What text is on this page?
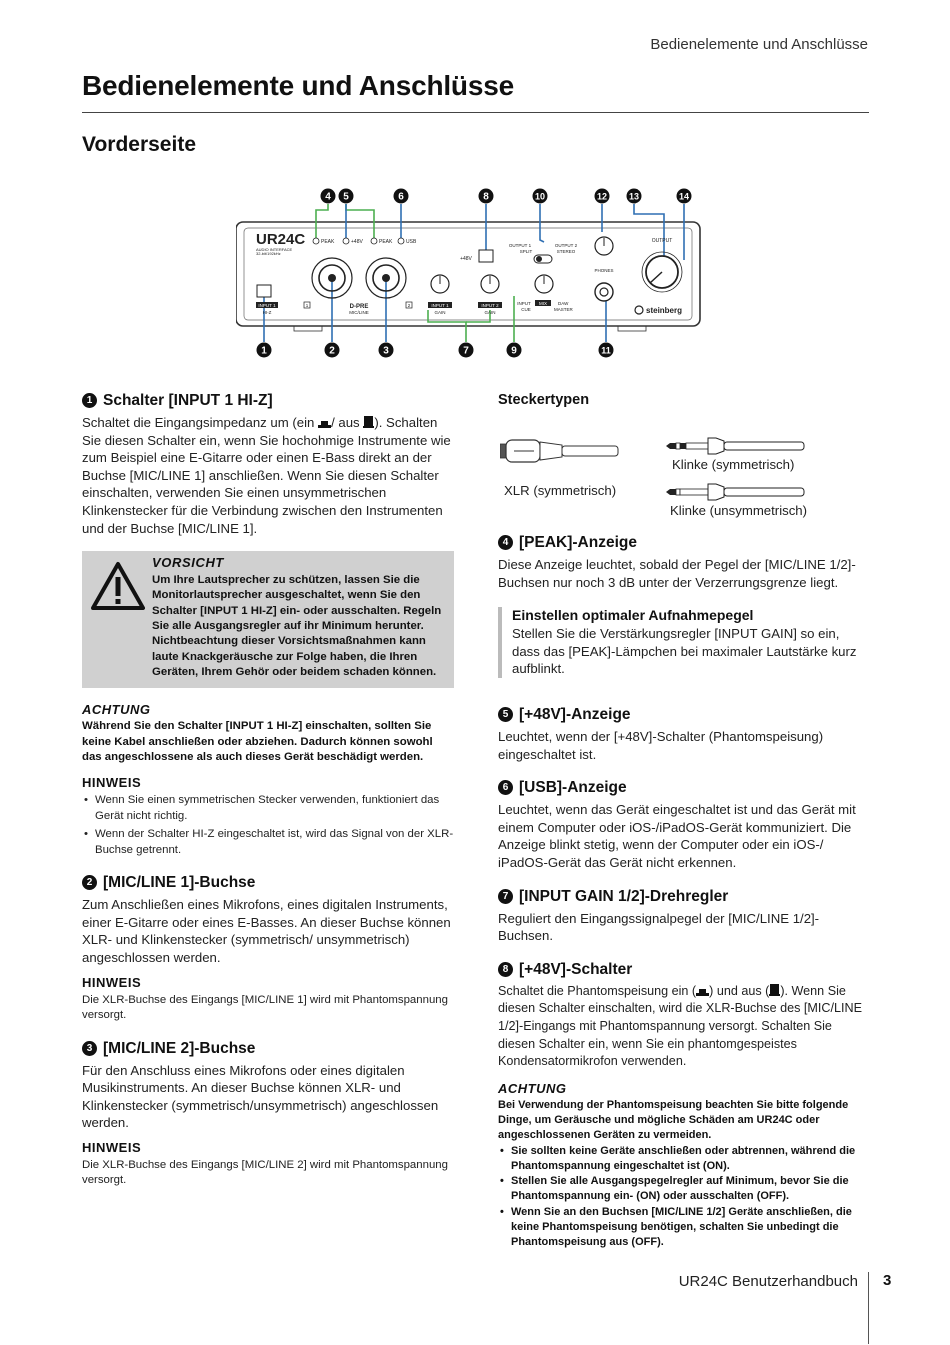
Bedienelemente und Anschlüsse
Bedienelemente und Anschlüsse
Vorderseite
4 5	6	8	10	12 13	14
1	2	3	7	9	11
UR24C
AUDIO INTERFACE
32-bit/192kHz
PEAK	+48V	PEAK	USB
INPUT 1
HI-Z
1	2
D-PRE
MIC/LINE
+48V
INPUT 1
GAIN
INPUT 2
GAIN
OUTPUT 1
SPLIT
OUTPUT 2
STEREO
INPUT MIX DAW
CUE	MASTER
PHONES
OUTPUT
steinberg
1 Schalter [INPUT 1 HI-Z]

Schaltet die Eingangsimpedanz um (ein / aus ). Schalten Sie diesen Schalter ein, wenn Sie hochohmige Instrumente wie zum Beispiel eine E-Gitarre oder einen E-Bass direkt an der Buchse [MIC/LINE 1] anschließen. Wenn Sie diesen Schalter einschalten, verwenden Sie einen unsymmetrischen Klinkenstecker für die Verbindung zwischen den Instrumenten und der Buchse [MIC/LINE 1].

VORSICHT

Um Ihre Lautsprecher zu schützen, lassen Sie die Monitorlautsprecher ausgeschaltet, wenn Sie den Schalter [INPUT 1 HI-Z] ein- oder ausschalten. Regeln Sie alle Ausgangsregler auf ihr Minimum herunter. Nichtbeachtung dieser Vorsichtsmaßnahmen kann laute Knackgeräusche zur Folge haben, die Ihren Geräten, Ihrem Gehör oder beidem schaden können.

ACHTUNG

Während Sie den Schalter [INPUT 1 HI-Z] einschalten, sollten Sie keine Kabel anschließen oder abziehen. Dadurch können sowohl das angeschlossene als auch dieses Gerät beschädigt werden.

HINWEIS
• Wenn Sie einen symmetrischen Stecker verwenden, funktioniert das Gerät nicht richtig.
• Wenn der Schalter HI-Z eingeschaltet ist, wird das Signal von der XLR-Buchse getrennt.
2 [MIC/LINE 1]-Buchse

Zum Anschließen eines Mikrofons, eines digitalen Instruments, einer E-Gitarre oder eines E-Basses. An dieser Buchse können XLR- und Klinkenstecker (symmetrisch/ unsymmetrisch) angeschlossen werden.

HINWEIS

Die XLR-Buchse des Eingangs [MIC/LINE 1] wird mit Phantomspannung versorgt.

3 [MIC/LINE 2]-Buchse

Für den Anschluss eines Mikrofons oder eines digitalen Musikinstruments. An dieser Buchse können XLR- und Klinkenstecker (symmetrisch/unsymmetrisch) angeschlossen werden.

HINWEIS

Die XLR-Buchse des Eingangs [MIC/LINE 2] wird mit Phantomspannung versorgt.

Steckertypen
XLR (symmetrisch)
Klinke (symmetrisch)
Klinke (unsymmetrisch)
4 [PEAK]-Anzeige

Diese Anzeige leuchtet, sobald der Pegel der [MIC/LINE 1/2]-Buchsen nur noch 3 dB unter der Verzerrungsgrenze liegt.

Einstellen optimaler Aufnahmepegel

Stellen Sie die Verstärkungsregler [INPUT GAIN] so ein, dass das [PEAK]-Lämpchen bei maximaler Lautstärke kurz aufblinkt.

5 [+48V]-Anzeige

Leuchtet, wenn der [+48V]-Schalter (Phantomspeisung) eingeschaltet ist.

6 [USB]-Anzeige

Leuchtet, wenn das Gerät eingeschaltet ist und das Gerät mit einem Computer oder iOS-/iPadOS-Gerät kommuniziert. Die Anzeige blinkt stetig, wenn der Computer oder ein iOS-/ iPadOS-Gerät das Gerät nicht erkennen.

7 [INPUT GAIN 1/2]-Drehregler

Reguliert den Eingangssignalpegel der [MIC/LINE 1/2]-Buchsen.

8 [+48V]-Schalter

Schaltet die Phantomspeisung ein ( ) und aus ( ). Wenn Sie diesen Schalter einschalten, wird die XLR-Buchse des [MIC/LINE 1/2]-Eingangs mit Phantomspannung versorgt. Schalten Sie diesen Schalter ein, wenn Sie ein phantomgespeistes Kondensatormikrofon verwenden.

ACHTUNG

Bei Verwendung der Phantomspeisung beachten Sie bitte folgende Dinge, um Geräusche und mögliche Schäden am UR24C oder angeschlossenen Geräten zu vermeiden.

• Sie sollten keine Geräte anschließen oder abtrennen, während die Phantomspannung eingeschaltet ist (ON).
• Stellen Sie alle Ausgangspegelregler auf Minimum, bevor Sie die Phantomspannung ein- (ON) oder ausschalten (OFF).
• Wenn Sie an den Buchsen [MIC/LINE 1/2] Geräte anschließen, die keine Phantomspeisung benötigen, schalten Sie unbedingt die Phantomspeisung aus (OFF).
UR24C Benutzerhandbuch 3
